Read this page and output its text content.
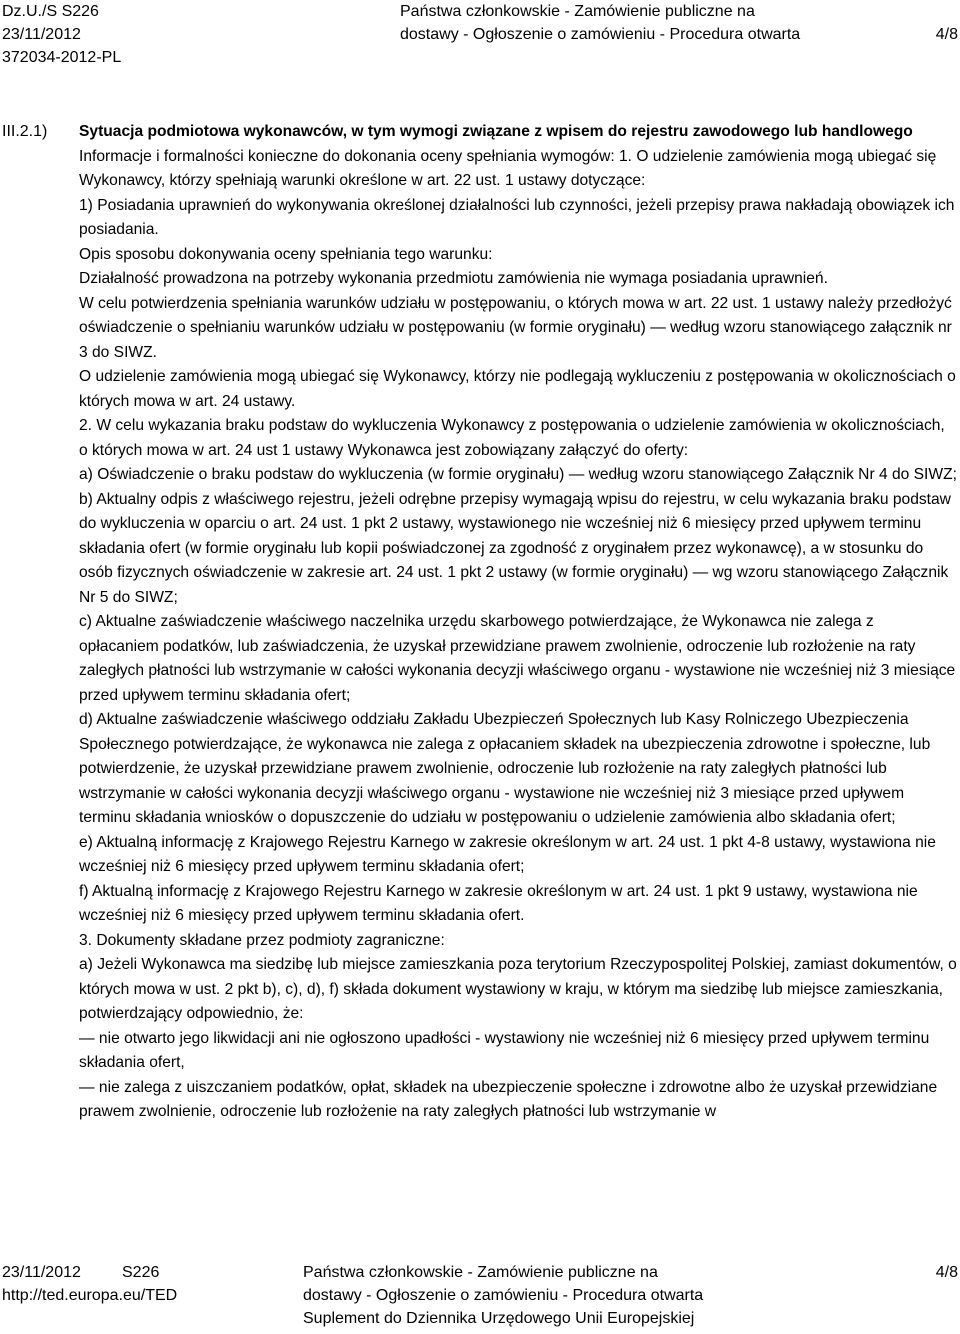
Dz.U./S S226
23/11/2012
372034-2012-PL
Państwa członkowskie - Zamówienie publiczne na
dostawy - Ogłoszenie o zamówieniu - Procedura otwarta	4/8
III.2.1) Sytuacja podmiotowa wykonawców, w tym wymogi związane z wpisem do rejestru zawodowego lub handlowego

Informacje i formalności konieczne do dokonania oceny spełniania wymogów: 1. O udzielenie zamówienia mogą ubiegać się Wykonawcy, którzy spełniają warunki określone w art. 22 ust. 1 ustawy dotyczące:

1) Posiadania uprawnień do wykonywania określonej działalności lub czynności, jeżeli przepisy prawa nakładają obowiązek ich posiadania.

Opis sposobu dokonywania oceny spełniania tego warunku:

Działalność prowadzona na potrzeby wykonania przedmiotu zamówienia nie wymaga posiadania uprawnień.

W celu potwierdzenia spełniania warunków udziału w postępowaniu, o których mowa w art. 22 ust. 1 ustawy należy przedłożyć oświadczenie o spełnianiu warunków udziału w postępowaniu (w formie oryginału) — według wzoru stanowiącego załącznik nr 3 do SIWZ.

O udzielenie zamówienia mogą ubiegać się Wykonawcy, którzy nie podlegają wykluczeniu z postępowania w okolicznościach o których mowa w art. 24 ustawy.

2. W celu wykazania braku podstaw do wykluczenia Wykonawcy z postępowania o udzielenie zamówienia w okolicznościach, o których mowa w art. 24 ust 1 ustawy Wykonawca jest zobowiązany załączyć do oferty:

a) Oświadczenie o braku podstaw do wykluczenia (w formie oryginału) — według wzoru stanowiącego Załącznik Nr 4 do SIWZ;

b) Aktualny odpis z właściwego rejestru, jeżeli odrębne przepisy wymagają wpisu do rejestru, w celu wykazania braku podstaw do wykluczenia w oparciu o art. 24 ust. 1 pkt 2 ustawy, wystawionego nie wcześniej niż 6 miesięcy przed upływem terminu składania ofert (w formie oryginału lub kopii poświadczonej za zgodność z oryginałem przez wykonawcę), a w stosunku do osób fizycznych oświadczenie w zakresie art. 24 ust. 1 pkt 2 ustawy (w formie oryginału) — wg wzoru stanowiącego Załącznik Nr 5 do SIWZ;

c) Aktualne zaświadczenie właściwego naczelnika urzędu skarbowego potwierdzające, że Wykonawca nie zalega z opłacaniem podatków, lub zaświadczenia, że uzyskał przewidziane prawem zwolnienie, odroczenie lub rozłożenie na raty zaległych płatności lub wstrzymanie w całości wykonania decyzji właściwego organu - wystawione nie wcześniej niż 3 miesiące przed upływem terminu składania ofert;

d) Aktualne zaświadczenie właściwego oddziału Zakładu Ubezpieczeń Społecznych lub Kasy Rolniczego Ubezpieczenia Społecznego potwierdzające, że wykonawca nie zalega z opłacaniem składek na ubezpieczenia zdrowotne i społeczne, lub potwierdzenie, że uzyskał przewidziane prawem zwolnienie, odroczenie lub rozłożenie na raty zaległych płatności lub wstrzymanie w całości wykonania decyzji właściwego organu - wystawione nie wcześniej niż 3 miesiące przed upływem terminu składania wniosków o dopuszczenie do udziału w postępowaniu o udzielenie zamówienia albo składania ofert;

e) Aktualną informację z Krajowego Rejestru Karnego w zakresie określonym w art. 24 ust. 1 pkt 4-8 ustawy, wystawiona nie wcześniej niż 6 miesięcy przed upływem terminu składania ofert;

f) Aktualną informację z Krajowego Rejestru Karnego w zakresie określonym w art. 24 ust. 1 pkt 9 ustawy, wystawiona nie wcześniej niż 6 miesięcy przed upływem terminu składania ofert.

3. Dokumenty składane przez podmioty zagraniczne:

a) Jeżeli Wykonawca ma siedzibę lub miejsce zamieszkania poza terytorium Rzeczypospolitej Polskiej, zamiast dokumentów, o których mowa w ust. 2 pkt b), c), d), f) składa dokument wystawiony w kraju, w którym ma siedzibę lub miejsce zamieszkania, potwierdzający odpowiednio, że:

— nie otwarto jego likwidacji ani nie ogłoszono upadłości - wystawiony nie wcześniej niż 6 miesięcy przed upływem terminu składania ofert,

— nie zalega z uiszczaniem podatków, opłat, składek na ubezpieczenie społeczne i zdrowotne albo że uzyskał przewidziane prawem zwolnienie, odroczenie lub rozłożenie na raty zaległych płatności lub wstrzymanie w

23/11/2012	S226
http://ted.europa.eu/TED
Państwa członkowskie - Zamówienie publiczne na
dostawy - Ogłoszenie o zamówieniu - Procedura otwarta
Suplement do Dziennika Urzędowego Unii Europejskiej
4/8
